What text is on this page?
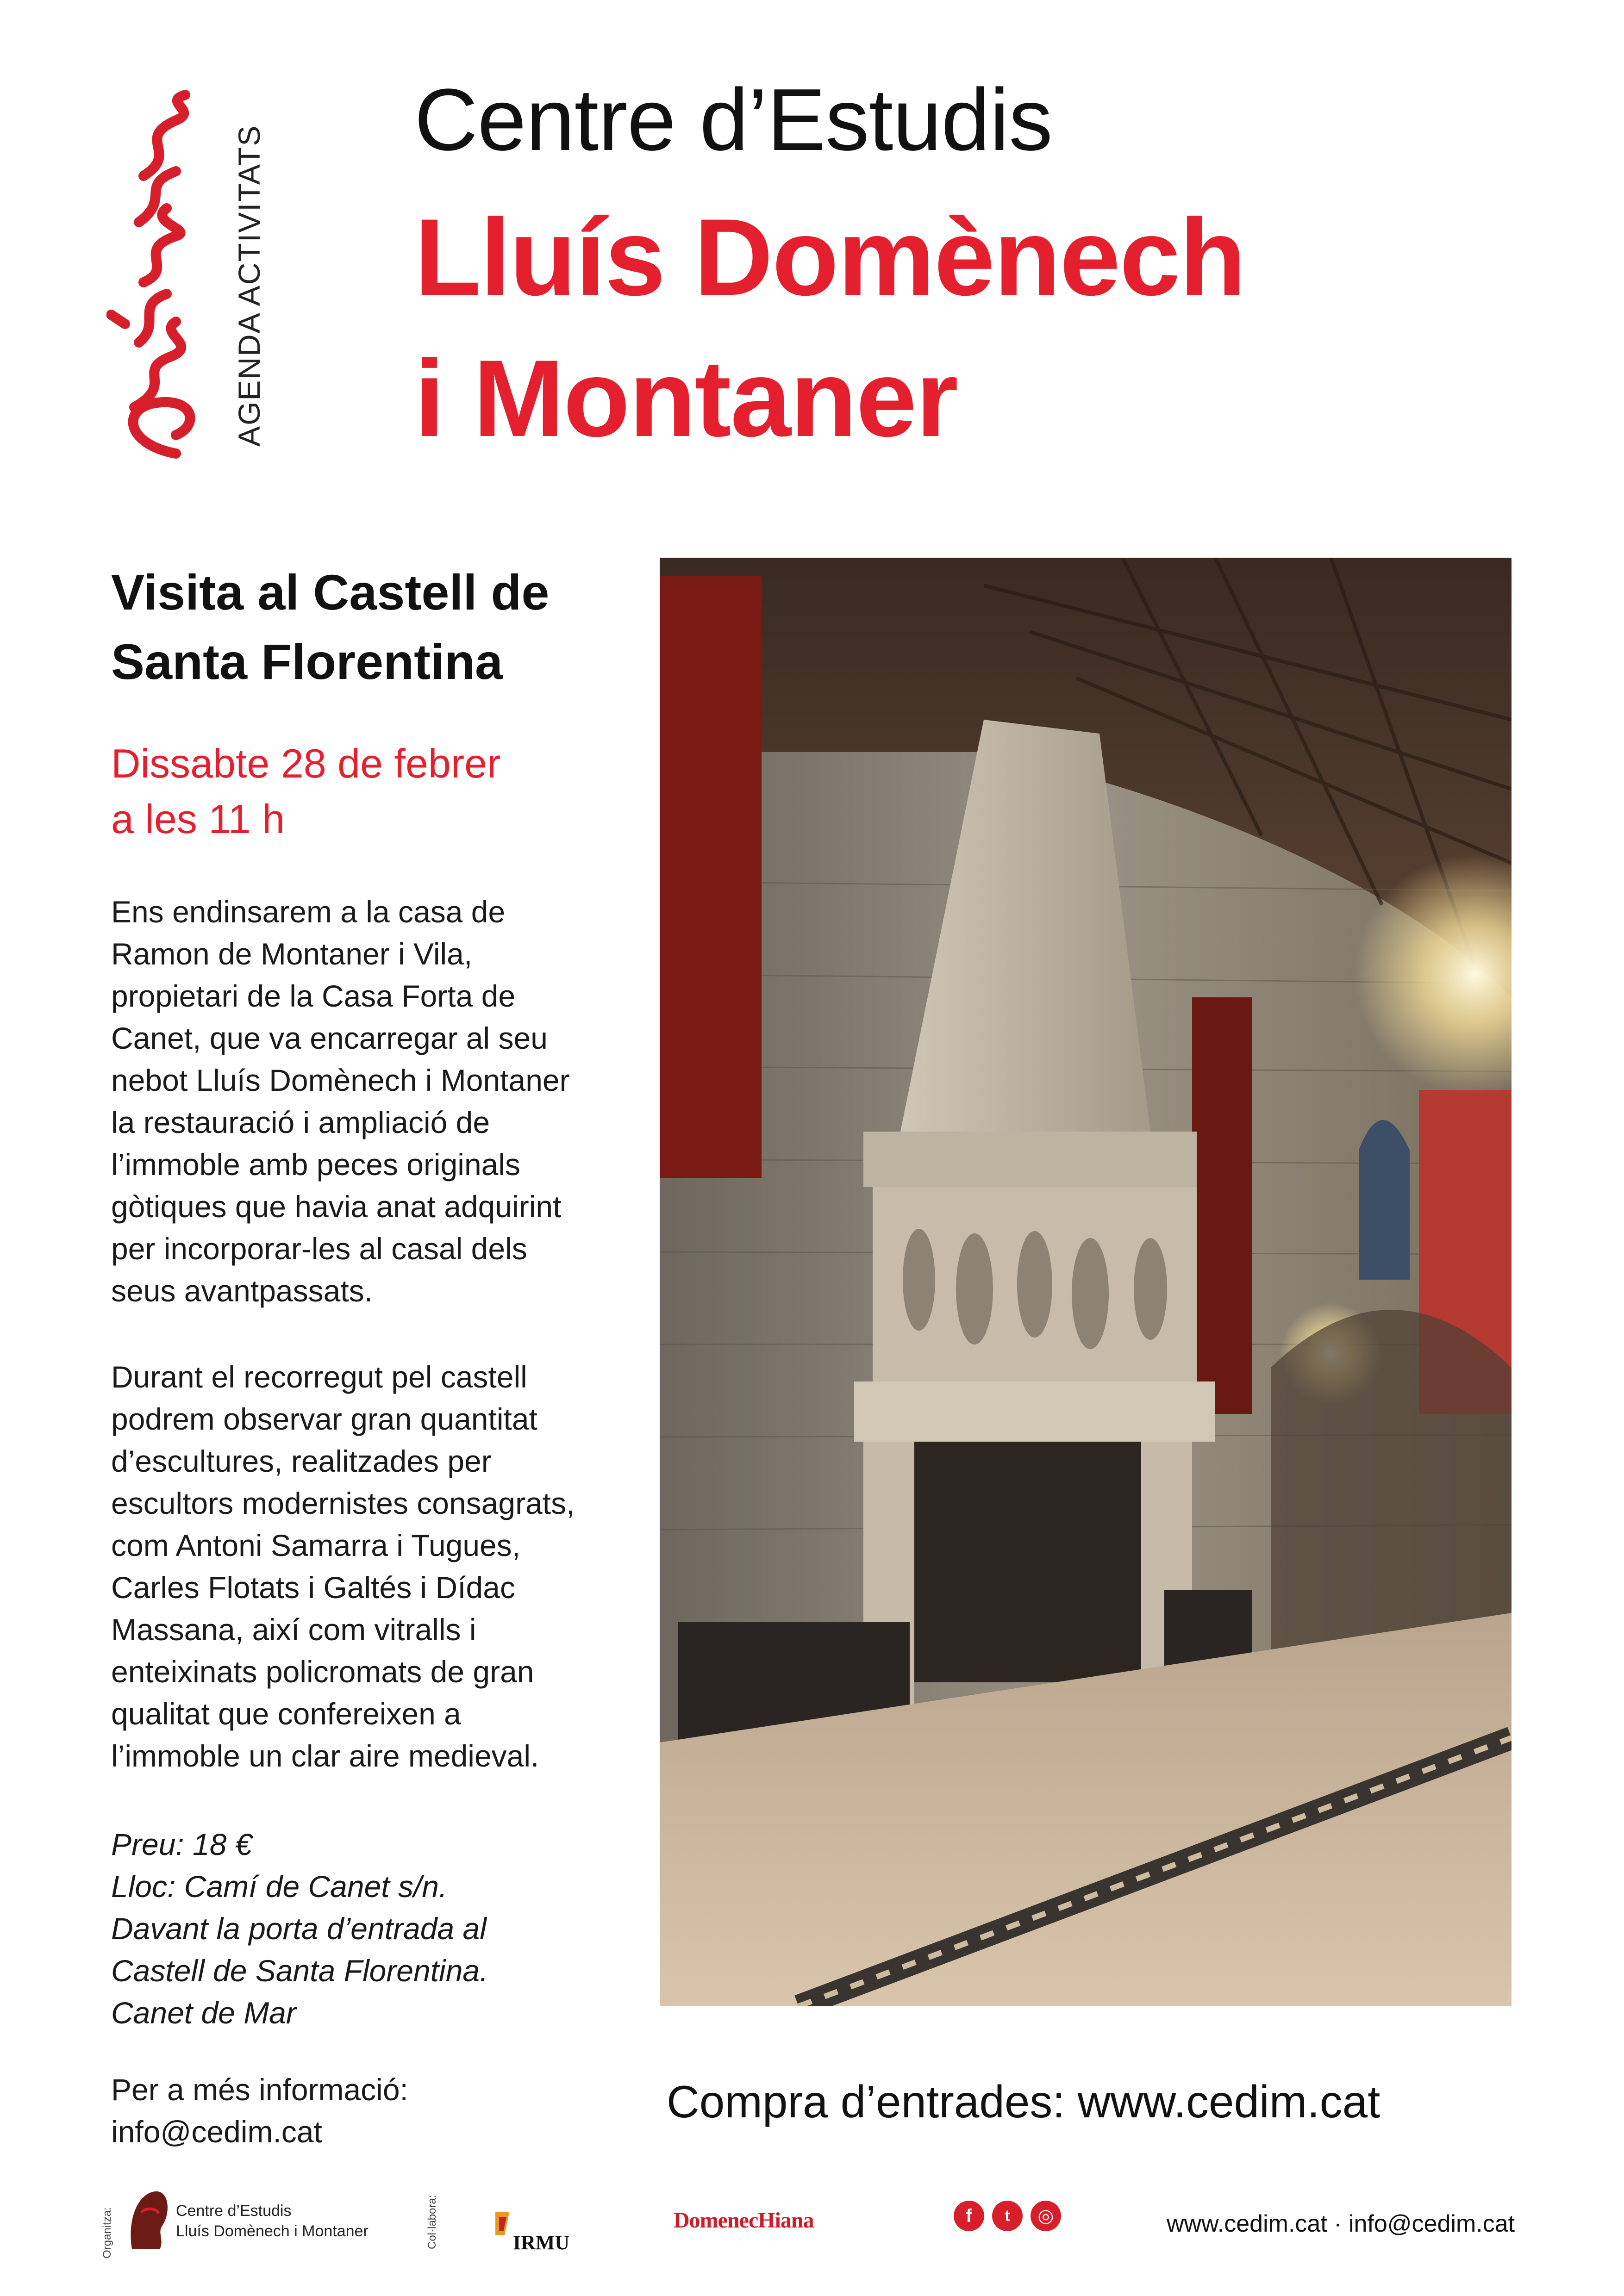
AGENDA ACTIVITATS
Centre d’Estudis
Lluís Domènech
i Montaner
Visita al Castell de
Santa Florentina
Dissabte 28 de febrer
a les 11 h
Ens endinsarem a la casa de
Ramon de Montaner i Vila,
propietari de la Casa Forta de
Canet, que va encarregar al seu
nebot Lluís Domènech i Montaner
la restauració i ampliació de
l’immoble amb peces originals
gòtiques que havia anat adquirint
per incorporar-les al casal dels
seus avantpassats.
Durant el recorregut pel castell
podrem observar gran quantitat
d’escultures, realitzades per
escultors modernistes consagrats,
com Antoni Samarra i Tugues,
Carles Flotats i Galtés i Dídac
Massana, així com vitralls i
enteixinats policromats de gran
qualitat que confereixen a
l’immoble un clar aire medieval.
Preu: 18 €
Lloc: Camí de Canet s/n.
Davant la porta d’entrada al
Castell de Santa Florentina.
Canet de Mar
Per a més informació:
info@cedim.cat
Compra d’entrades: www.cedim.cat
Organitza:	Centre d’Estudis
Lluís Domènech i Montaner	Col·labora:	IRMU
DomenecHiana	f	t	◎	www.cedim.cat · info@cedim.cat
